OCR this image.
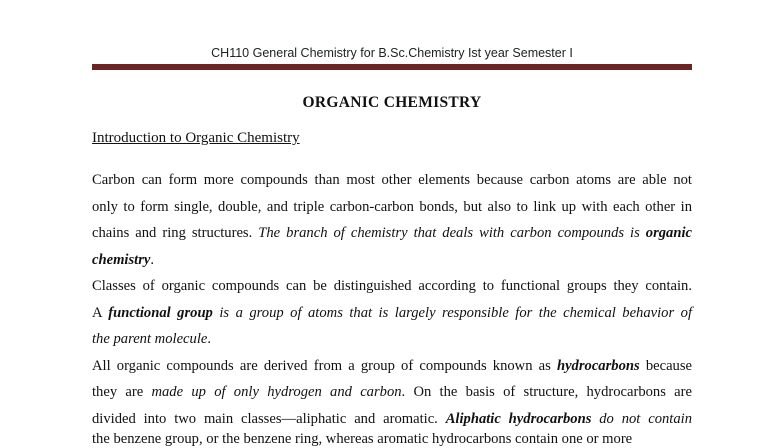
CH110 General Chemistry for B.Sc.Chemistry Ist year Semester I
ORGANIC CHEMISTRY
Introduction to Organic Chemistry
Carbon can form more compounds than most other elements because carbon atoms are able not
only to form single, double, and triple carbon-carbon bonds, but also to link up with each other in
chains and ring structures. The branch of chemistry that deals with carbon compounds is organic
chemistry.
Classes of organic compounds can be distinguished according to functional groups they contain.
A functional group is a group of atoms that is largely responsible for the chemical behavior of
the parent molecule.
All organic compounds are derived from a group of compounds known as hydrocarbons because
they are made up of only hydrogen and carbon. On the basis of structure, hydrocarbons are
divided into two main classes—aliphatic and aromatic. Aliphatic hydrocarbons do not contain
the benzene group, or the benzene ring, whereas aromatic hydrocarbons contain one or more
